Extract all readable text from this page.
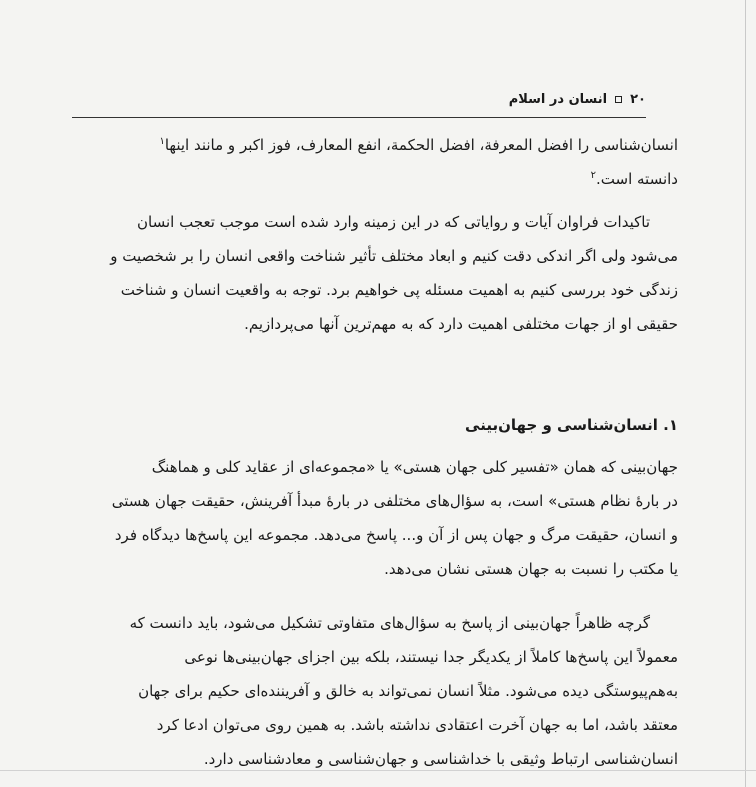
۲۰
انسان در اسلام
انسان‌شناسی را افضل المعرفة، افضل الحکمة، انفع المعارف، فوز اکبر و مانند اینها$^۱$
دانسته است.$^۲$
تاکیدات فراوان آیات و روایاتی که در این زمینه وارد شده است موجب تعجب انسان
می‌شود ولی اگر اندکی دقت کنیم و ابعاد مختلف تأثیر شناخت واقعی انسان را بر شخصیت و
زندگی خود بررسی کنیم به اهمیت مسئله پی خواهیم برد. توجه به واقعیت انسان و شناخت
حقیقی او از جهات مختلفی اهمیت دارد که به مهم‌ترین آنها می‌پردازیم.
۱. انسان‌شناسی و جهان‌بینی
جهان‌بینی که همان «تفسیر کلی جهان هستی» یا «مجموعه‌ای از عقاید کلی و هماهنگ
در بارهٔ نظام هستی» است، به سؤال‌های مختلفی در بارهٔ مبدأ آفرینش، حقیقت جهان هستی
و انسان، حقیقت مرگ و جهان پس از آن و... پاسخ می‌دهد. مجموعه این پاسخ‌ها دیدگاه فرد
یا مکتب را نسبت به جهان هستی نشان می‌دهد.
گرچه ظاهراً جهان‌بینی از پاسخ به سؤال‌های متفاوتی تشکیل می‌شود، باید دانست که
معمولاً این پاسخ‌ها کاملاً از یکدیگر جدا نیستند، بلکه بین اجزای جهان‌بینی‌ها نوعی
به‌هم‌پیوستگی دیده می‌شود. مثلاً انسان نمی‌تواند به خالق و آفریننده‌ای حکیم برای جهان
معتقد باشد، اما به جهان آخرت اعتقادی نداشته باشد. به همین روی می‌توان ادعا کرد
انسان‌شناسی ارتباط وثیقی با خداشناسی و جهان‌شناسی و معادشناسی دارد.
